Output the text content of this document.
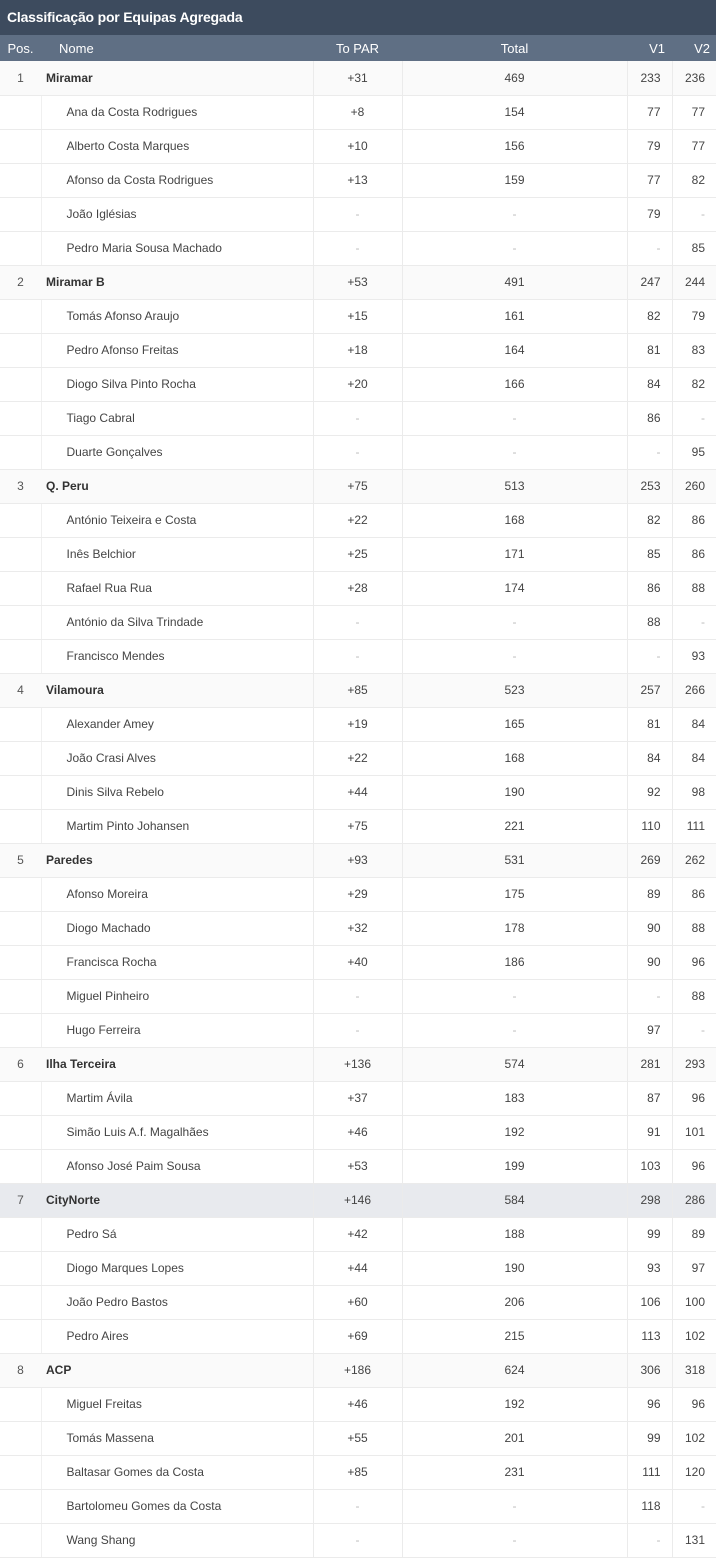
Classificação por Equipas Agregada
Pos.	Nome	To PAR	Total	V1	V2
1	Miramar	+31	469	233	236
	Ana da Costa Rodrigues	+8	154	77	77
	Alberto Costa Marques	+10	156	79	77
	Afonso da Costa Rodrigues	+13	159	77	82
	João Iglésias	-	-	79	-
	Pedro Maria Sousa Machado	-	-	-	85
2	Miramar B	+53	491	247	244
	Tomás Afonso Araujo	+15	161	82	79
	Pedro Afonso Freitas	+18	164	81	83
	Diogo Silva Pinto Rocha	+20	166	84	82
	Tiago Cabral	-	-	86	-
	Duarte Gonçalves	-	-	-	95
3	Q. Peru	+75	513	253	260
	António Teixeira e Costa	+22	168	82	86
	Inês Belchior	+25	171	85	86
	Rafael Rua Rua	+28	174	86	88
	António da Silva Trindade	-	-	88	-
	Francisco Mendes	-	-	-	93
4	Vilamoura	+85	523	257	266
	Alexander Amey	+19	165	81	84
	João Crasi Alves	+22	168	84	84
	Dinis Silva Rebelo	+44	190	92	98
	Martim Pinto Johansen	+75	221	110	111
5	Paredes	+93	531	269	262
	Afonso Moreira	+29	175	89	86
	Diogo Machado	+32	178	90	88
	Francisca Rocha	+40	186	90	96
	Miguel Pinheiro	-	-	-	88
	Hugo Ferreira	-	-	97	-
6	Ilha Terceira	+136	574	281	293
	Martim Ávila	+37	183	87	96
	Simão Luis A.f. Magalhães	+46	192	91	101
	Afonso José Paim Sousa	+53	199	103	96
7	CityNorte	+146	584	298	286
	Pedro Sá	+42	188	99	89
	Diogo Marques Lopes	+44	190	93	97
	João Pedro Bastos	+60	206	106	100
	Pedro Aires	+69	215	113	102
8	ACP	+186	624	306	318
	Miguel Freitas	+46	192	96	96
	Tomás Massena	+55	201	99	102
	Baltasar Gomes da Costa	+85	231	111	120
	Bartolomeu Gomes da Costa	-	-	118	-
	Wang Shang	-	-	-	131
